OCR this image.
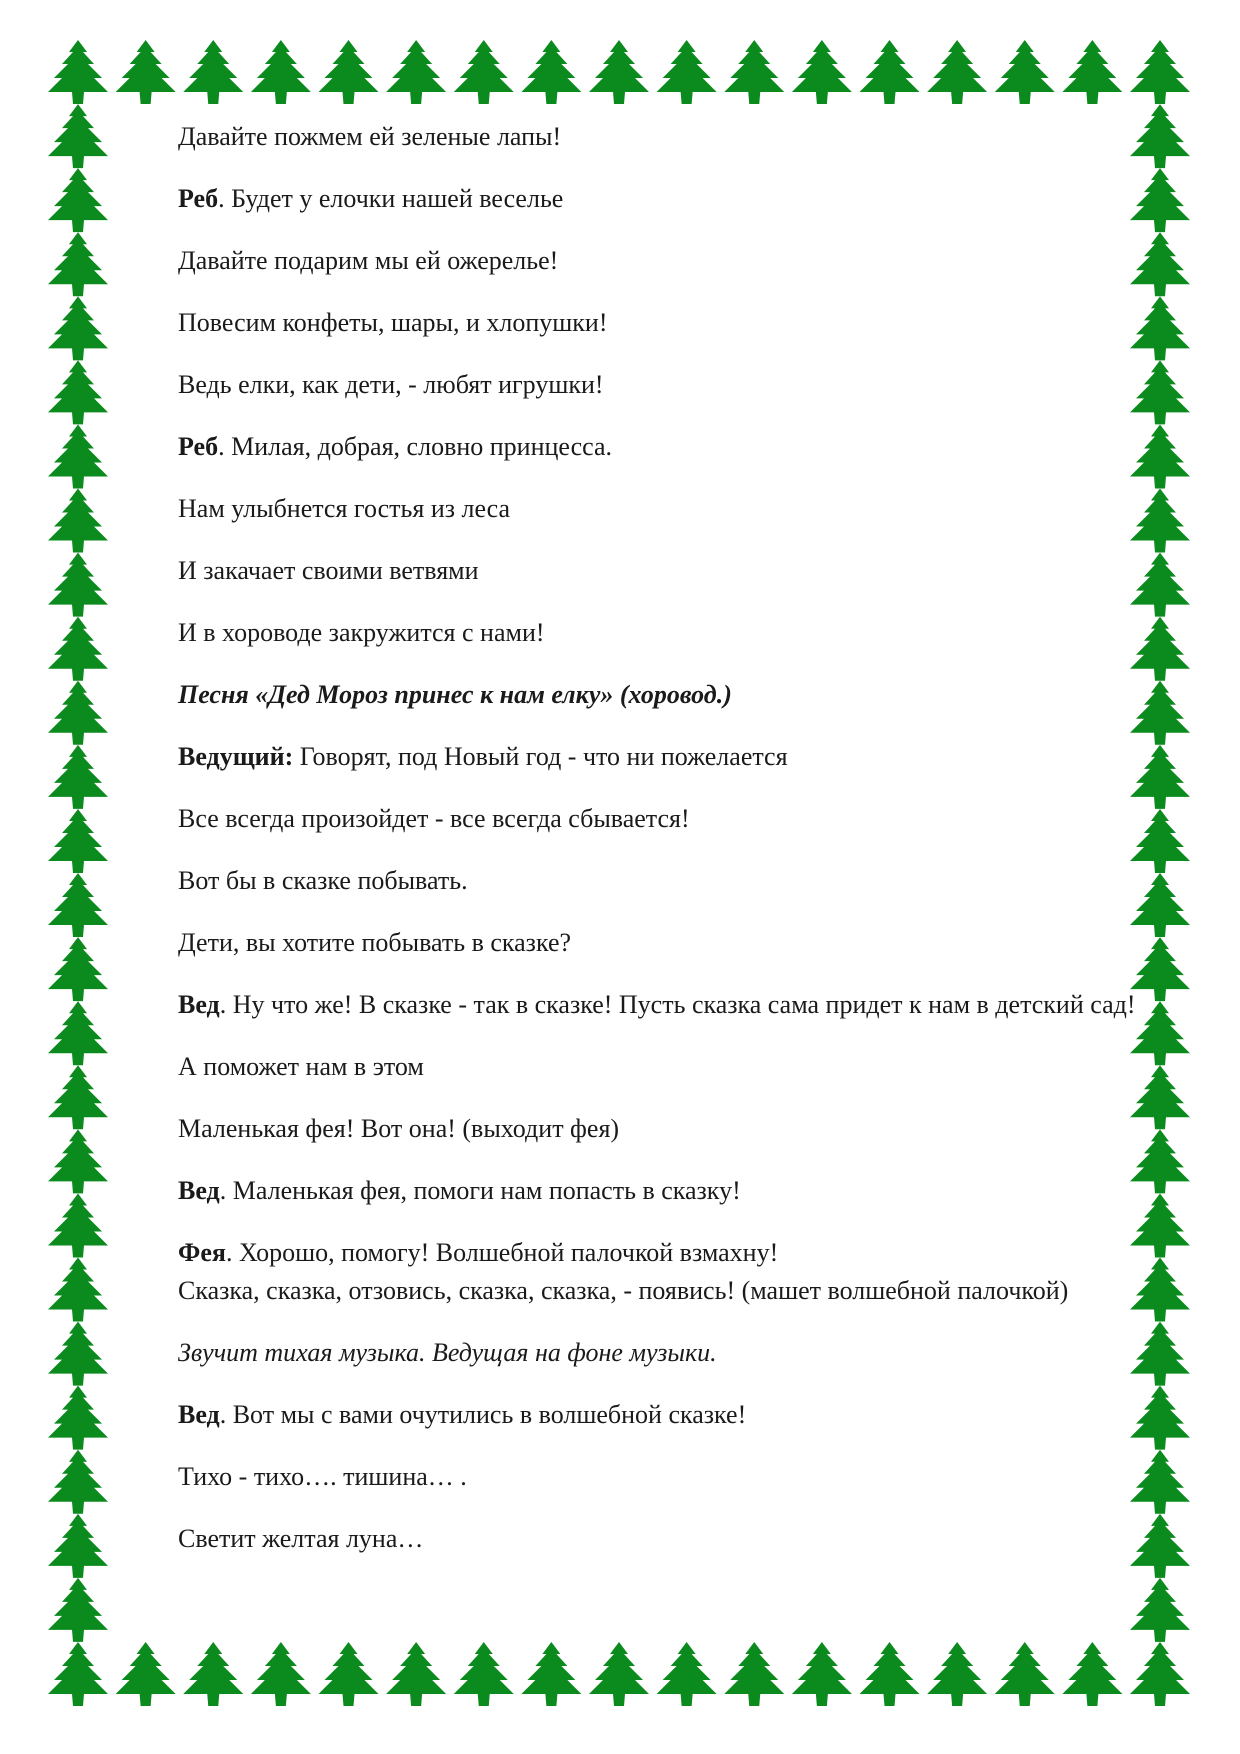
Давайте пожмем ей зеленые лапы!

Реб. Будет у елочки нашей веселье

Давайте подарим мы ей ожерелье!

Повесим конфеты, шары, и хлопушки!

Ведь елки, как дети, - любят игрушки!

Реб. Милая, добрая, словно принцесса.

Нам улыбнется гостья из леса

И закачает своими ветвями

И в хороводе закружится с нами!

Песня «Дед Мороз принес к нам елку» (хоровод.)

Ведущий: Говорят, под Новый год - что ни пожелается

Все всегда произойдет - все всегда сбывается!

Вот бы в сказке побывать.

Дети, вы хотите побывать в сказке?

Вед. Ну что же! В сказке - так в сказке! Пусть сказка сама придет к нам в детский сад!

А поможет нам в этом

Маленькая фея! Вот она! (выходит фея)

Вед. Маленькая фея, помоги нам попасть в сказку!

Фея. Хорошо, помогу! Волшебной палочкой взмахну!
Сказка, сказка, отзовись, сказка, сказка, - появись! (машет волшебной палочкой)

Звучит тихая музыка. Ведущая на фоне музыки.

Вед. Вот мы с вами очутились в волшебной сказке!

Тихо - тихо…. тишина… .

Светит желтая луна…
